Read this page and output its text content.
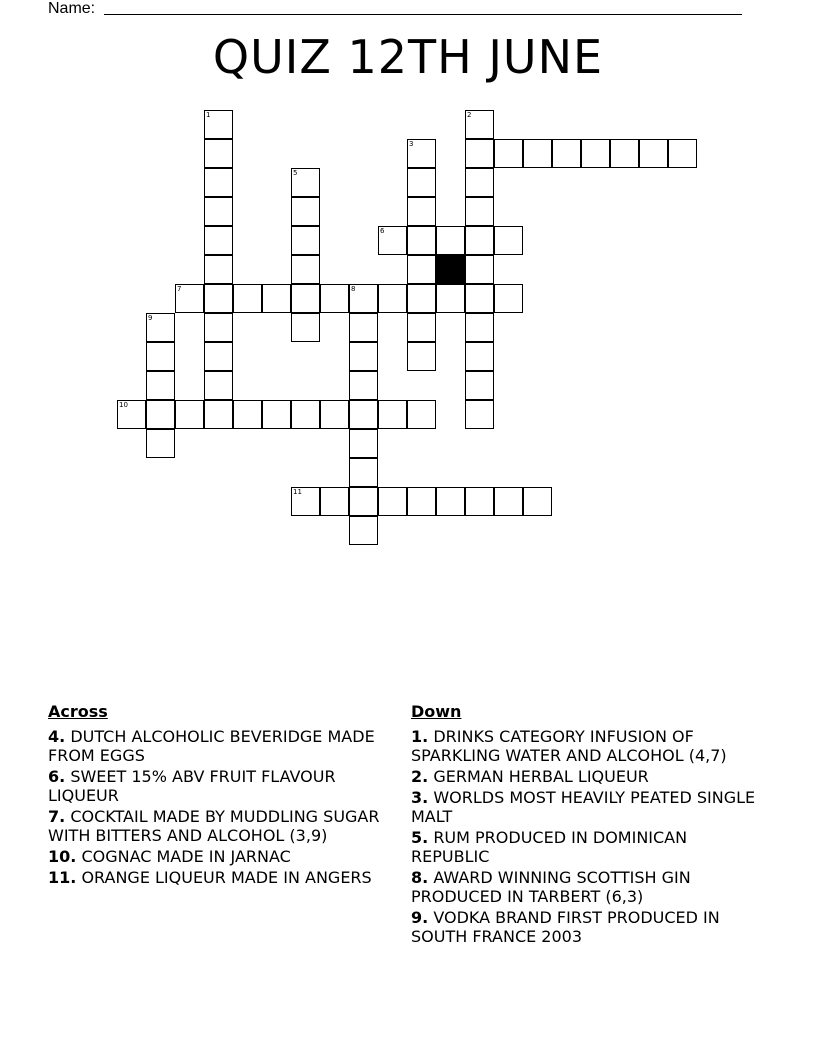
Name:
QUIZ 12TH JUNE
1	2
3
5
6
7	8
9
10
11
Across
4. DUTCH ALCOHOLIC BEVERIDGE MADE FROM EGGS
6. SWEET 15% ABV FRUIT FLAVOUR LIQUEUR
7. COCKTAIL MADE BY MUDDLING SUGAR WITH BITTERS AND ALCOHOL (3,9)
10. COGNAC MADE IN JARNAC
11. ORANGE LIQUEUR MADE IN ANGERS
Down
1. DRINKS CATEGORY INFUSION OF SPARKLING WATER AND ALCOHOL (4,7)
2. GERMAN HERBAL LIQUEUR
3. WORLDS MOST HEAVILY PEATED SINGLE MALT
5. RUM PRODUCED IN DOMINICAN REPUBLIC
8. AWARD WINNING SCOTTISH GIN PRODUCED IN TARBERT (6,3)
9. VODKA BRAND FIRST PRODUCED IN SOUTH FRANCE 2003
